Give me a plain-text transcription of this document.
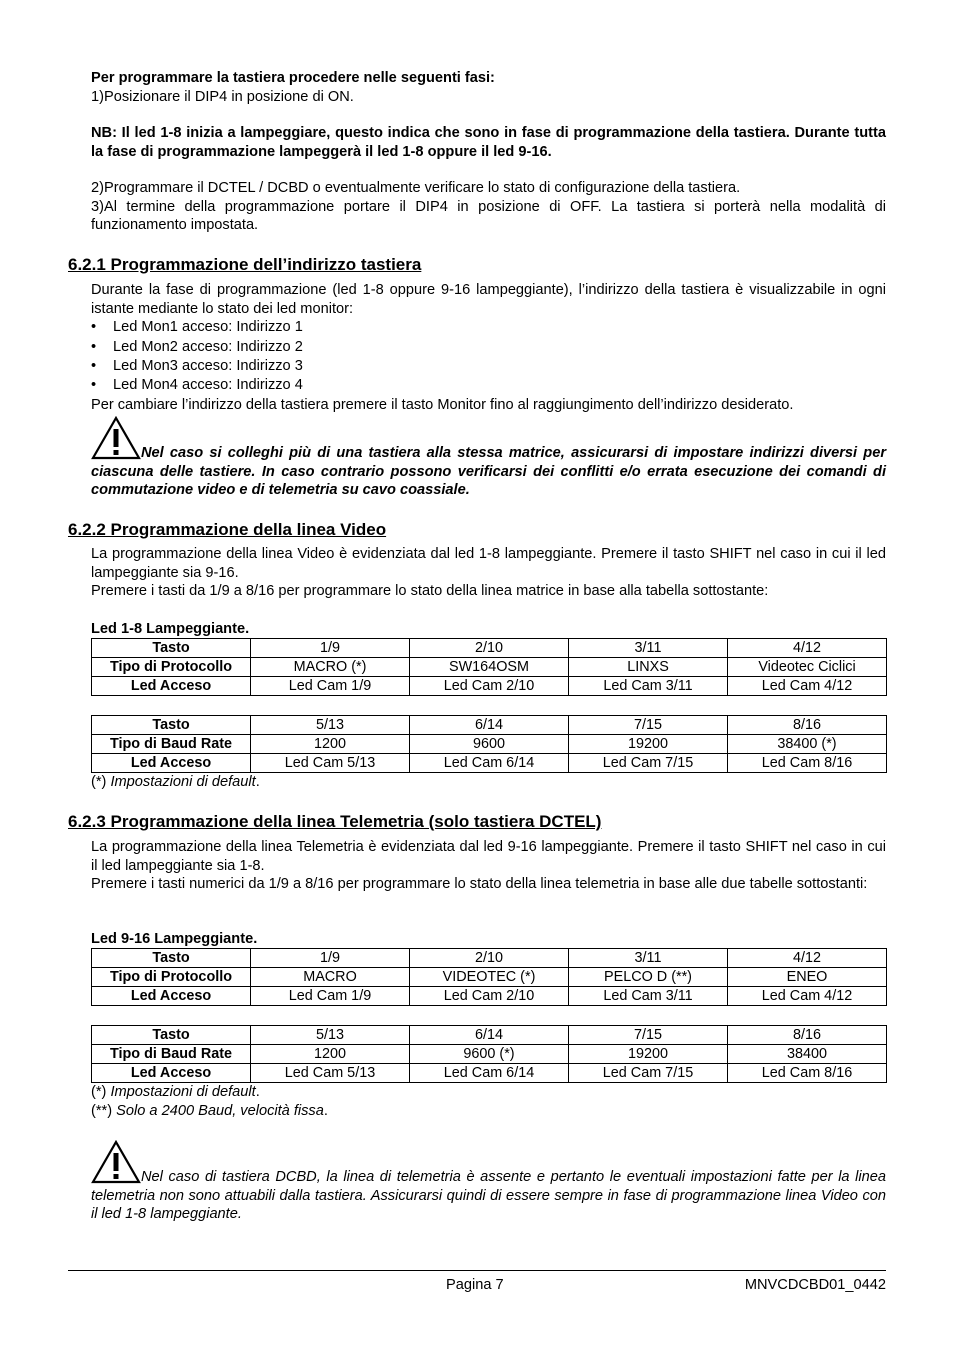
Per programmare la tastiera procedere nelle seguenti fasi:

1)Posizionare il DIP4 in posizione di ON.

NB: Il led 1-8 inizia a lampeggiare, questo indica che sono in fase di programmazione della tastiera. Durante tutta la fase di programmazione lampeggerà il led 1-8 oppure il led 9-16.

2)Programmare il DCTEL / DCBD o eventualmente verificare lo stato di configurazione della tastiera.

3)Al termine della programmazione portare il DIP4 in posizione di OFF. La tastiera si porterà nella modalità di funzionamento impostata.

6.2.1 Programmazione dell’indirizzo tastiera

Durante la fase di programmazione (led 1-8 oppure 9-16 lampeggiante), l’indirizzo della tastiera è visualizzabile in ogni istante mediante lo stato dei led monitor:

• Led Mon1 acceso: Indirizzo 1
• Led Mon2 acceso: Indirizzo 2
• Led Mon3 acceso: Indirizzo 3
• Led Mon4 acceso: Indirizzo 4

Per cambiare l’indirizzo della tastiera premere il tasto Monitor fino al raggiungimento dell’indirizzo desiderato.

Nel caso si colleghi più di una tastiera alla stessa matrice, assicurarsi di impostare indirizzi diversi per ciascuna delle tastiere. In caso contrario possono verificarsi dei conflitti e/o errata esecuzione dei comandi di commutazione video e di telemetria su cavo coassiale.

6.2.2 Programmazione della linea Video

La programmazione della linea Video è evidenziata dal led 1-8 lampeggiante. Premere il tasto SHIFT nel caso in cui il led lampeggiante sia 9-16.

Premere i tasti da 1/9 a 8/16 per programmare lo stato della linea matrice in base alla tabella sottostante:

Led 1-8 Lampeggiante.

Tasto	1/9	2/10	3/11	4/12
Tipo di Protocollo	MACRO (*)	SW164OSM	LINXS	Videotec Ciclici
Led Acceso	Led Cam 1/9	Led Cam 2/10	Led Cam 3/11	Led Cam 4/12
Tasto	5/13	6/14	7/15	8/16
Tipo di Baud Rate	1200	9600	19200	38400 (*)
Led Acceso	Led Cam 5/13	Led Cam 6/14	Led Cam 7/15	Led Cam 8/16

(*) Impostazioni di default.

6.2.3 Programmazione della linea Telemetria (solo tastiera DCTEL)

La programmazione della linea Telemetria è evidenziata dal led 9-16 lampeggiante. Premere il tasto SHIFT nel caso in cui il led lampeggiante sia 1-8.

Premere i tasti numerici da 1/9 a 8/16 per programmare lo stato della linea telemetria in base alle due tabelle sottostanti:

Led 9-16 Lampeggiante.

Tasto	1/9	2/10	3/11	4/12
Tipo di Protocollo	MACRO	VIDEOTEC (*)	PELCO D (**)	ENEO
Led Acceso	Led Cam 1/9	Led Cam 2/10	Led Cam 3/11	Led Cam 4/12
Tasto	5/13	6/14	7/15	8/16
Tipo di Baud Rate	1200	9600 (*)	19200	38400
Led Acceso	Led Cam 5/13	Led Cam 6/14	Led Cam 7/15	Led Cam 8/16

(*) Impostazioni di default.

(**) Solo a 2400 Baud, velocità fissa.

Nel caso di tastiera DCBD, la linea di telemetria è assente e pertanto le eventuali impostazioni fatte per la linea telemetria non sono attuabili dalla tastiera. Assicurarsi quindi di essere sempre in fase di programmazione linea Video con il led 1-8 lampeggiante.

Pagina 7	MNVCDCBD01_0442
